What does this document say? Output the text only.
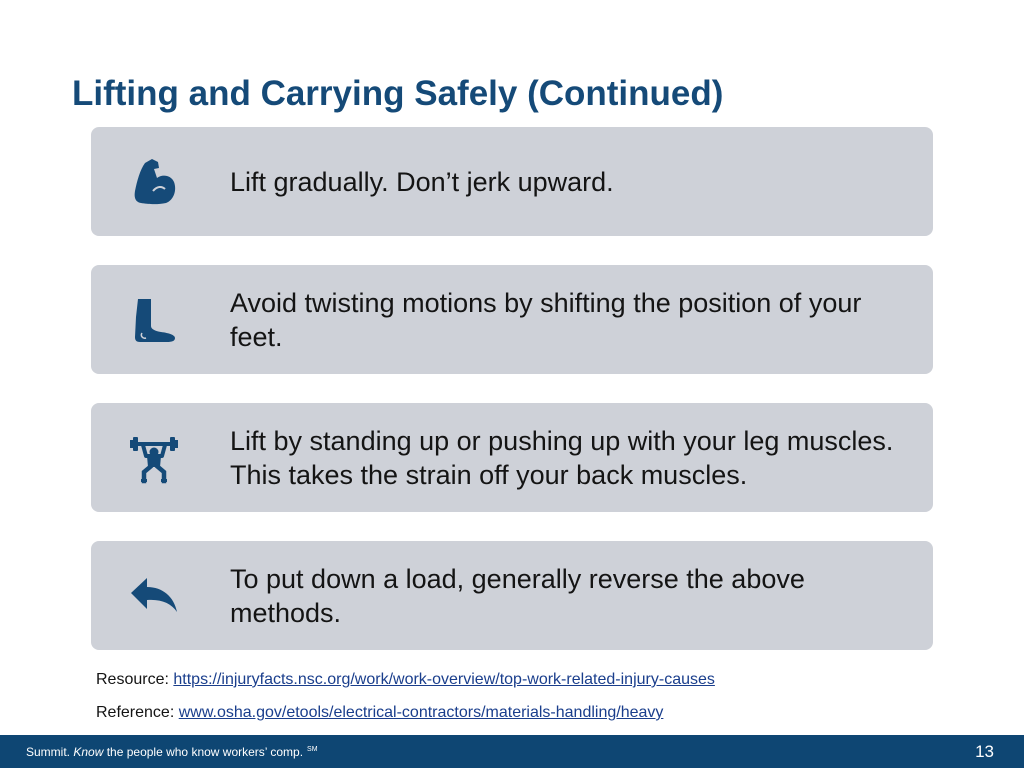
Lifting and Carrying Safely (Continued)
Lift gradually. Don’t jerk upward.
Avoid twisting motions by shifting the position of your feet.
Lift by standing up or pushing up with your leg muscles. This takes the strain off your back muscles.
To put down a load, generally reverse the above methods.
Resource: https://injuryfacts.nsc.org/work/work-overview/top-work-related-injury-causes
Reference: www.osha.gov/etools/electrical-contractors/materials-handling/heavy
Summit. Know the people who know workers’ comp. ℠	13
